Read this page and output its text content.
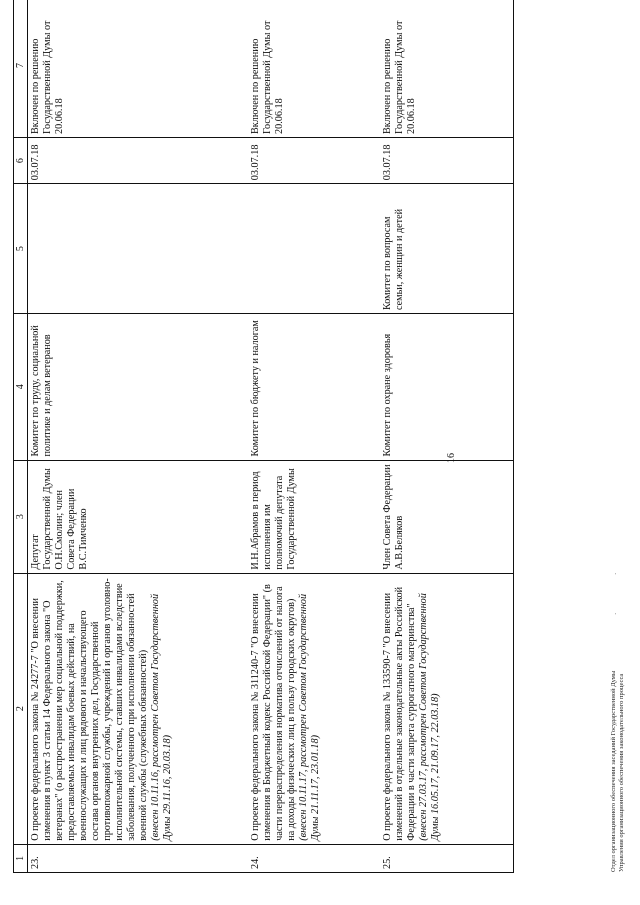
16
1	2	3	4	5	6	7
23.	О проекте федерального закона № 24277-7 "О внесении изменения в пункт 3 статьи 14 Федерального закона "О ветеранах" (о распространении мер социальной поддержки, предоставляемых инвалидам боевых действий, на военнослужащих и лиц рядового и начальствующего состава органов внутренних дел, Государственной противопожарной службы, учреждений и органов уголовно-исполнительной системы, ставших инвалидами вследствие заболевания, полученного при исполнении обязанностей военной службы (служебных обязанностей) (внесен 10.11.16, рассмотрен Советом Государственной Думы 29.11.16, 20.03.18)	Депутат Государственной Думы О.Н.Смолин; член Совета Федерации В.С.Тимченко	Комитет по труду, социальной политике и делам ветеранов		03.07.18	Включен по решению Государственной Думы от 20.06.18
24.	О проекте федерального закона № 311240-7 "О внесении изменения в Бюджетный кодекс Российской Федерации" (в части перераспределения норматива отчислений от налога на доходы физических лиц в пользу городских округов) (внесен 10.11.17, рассмотрен Советом Государственной Думы 21.11.17, 23.01.18)	И.Н.Абрамов в период исполнения им полномочий депутата Государственной Думы	Комитет по бюджету и налогам		03.07.18	Включен по решению Государственной Думы от 20.06.18
25.	О проекте федерального закона № 133590-7 "О внесении изменений в отдельные законодательные акты Российской Федерации в части запрета суррогатного материнства" (внесен 27.03.17, рассмотрен Советом Государственной Думы 16.05.17, 21.09.17, 22.03.18)	Член Совета Федерации А.В.Беляков	Комитет по охране здоровья	Комитет по вопросам семьи, женщин и детей	03.07.18	Включен по решению Государственной Думы от 20.06.18
·
·
Отдел организационного обеспечения заседаний Государственной Думы Управления организационного обеспечения законодательного процесса
